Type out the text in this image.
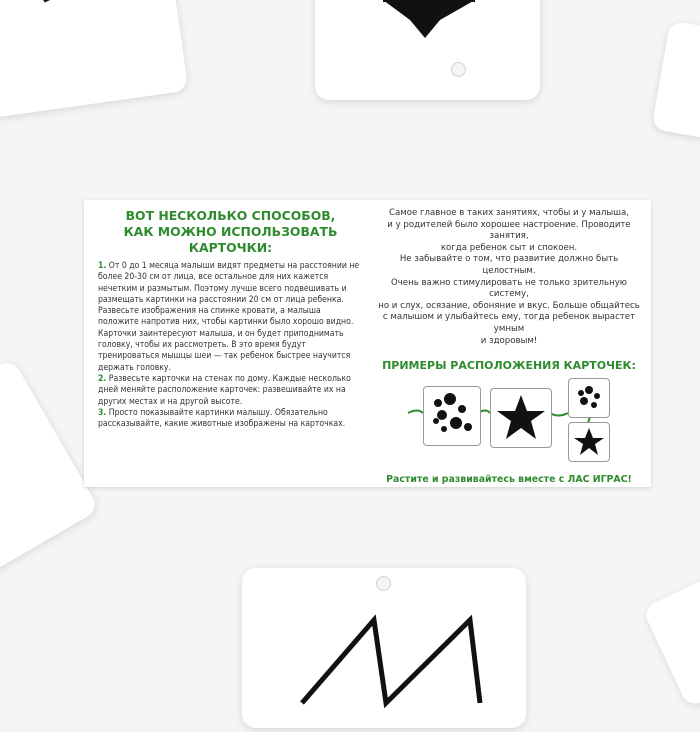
ВОТ НЕСКОЛЬКО СПОСОБОВ,
КАК МОЖНО ИСПОЛЬЗОВАТЬ КАРТОЧКИ:

1. От 0 до 1 месяца малыши видят предметы на расстоянии не более 20-30 см от лица, все остальное для них кажется нечетким и размытым. Поэтому лучше всего подвешивать и размещать картинки на расстоянии 20 см от лица ребенка. Развесьте изображения на спинке кровати, а малыша положите напротив них, чтобы картинки было хорошо видно. Карточки заинтересуют малыша, и он будет приподнимать головку, чтобы их рассмотреть. В это время будут тренироваться мышцы шеи — так ребенок быстрее научится держать головку.

2. Развесьте карточки на стенах по дому. Каждые несколько дней меняйте расположение карточек: развешивайте их на других местах и на другой высоте.

3. Просто показывайте картинки малышу. Обязательно рассказывайте, какие животные изображены на карточках.

Самое главное в таких занятиях, чтобы и у малыша,

и у родителей было хорошее настроение. Проводите занятия,

когда ребенок сыт и спокоен.

Не забывайте о том, что развитие должно быть целостным.

Очень важно стимулировать не только зрительную систему,

но и слух, осязание, обоняние и вкус. Больше общайтесь

с малышом и улыбайтесь ему, тогда ребенок вырастет умным

и здоровым!

ПРИМЕРЫ РАСПОЛОЖЕНИЯ КАРТОЧЕК:
Растите и развивайтесь вместе с ЛАС ИГРАС!
